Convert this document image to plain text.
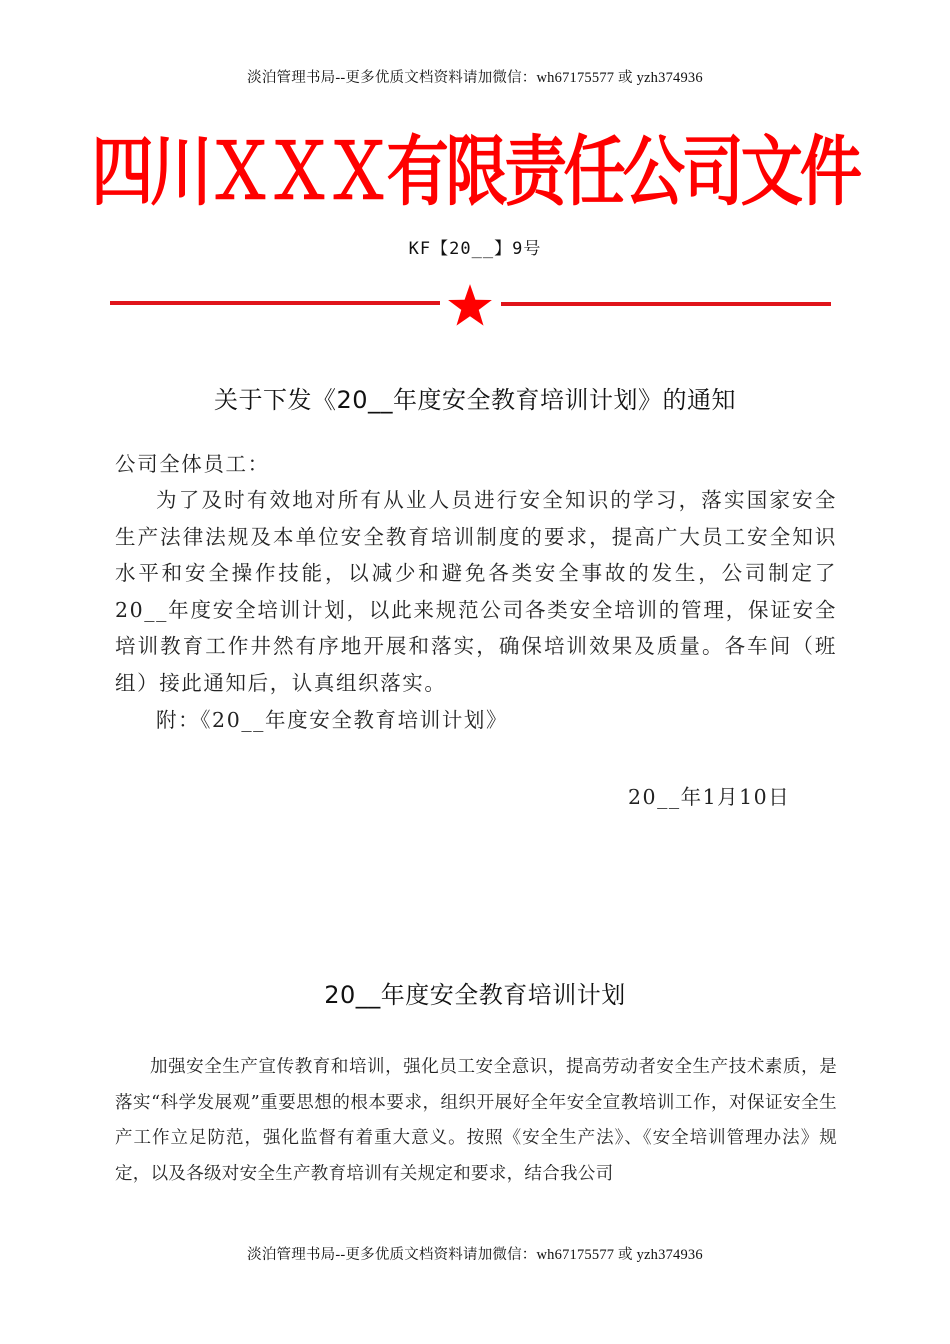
淡泊管理书局--更多优质文档资料请加微信：wh67175577 或 yzh374936
四川ＸＸＸ有限责任公司文件
KF【20__】9号
关于下发《20__年度安全教育培训计划》的通知
公司全体员工：
为了及时有效地对所有从业人员进行安全知识的学习，落实国家安全生产法律法规及本单位安全教育培训制度的要求，提高广大员工安全知识水平和安全操作技能，以减少和避免各类安全事故的发生，公司制定了20__年度安全培训计划，以此来规范公司各类安全培训的管理，保证安全培训教育工作井然有序地开展和落实，确保培训效果及质量。各车间（班组）接此通知后，认真组织落实。
附：《20__年度安全教育培训计划》
20__年1月10日
20__年度安全教育培训计划
加强安全生产宣传教育和培训，强化员工安全意识，提高劳动者安全生产技术素质，是落实“科学发展观”重要思想的根本要求，组织开展好全年安全宣教培训工作，对保证安全生产工作立足防范，强化监督有着重大意义。按照《安全生产法》、《安全培训管理办法》规定，以及各级对安全生产教育培训有关规定和要求，结合我公司
淡泊管理书局--更多优质文档资料请加微信：wh67175577 或 yzh374936
